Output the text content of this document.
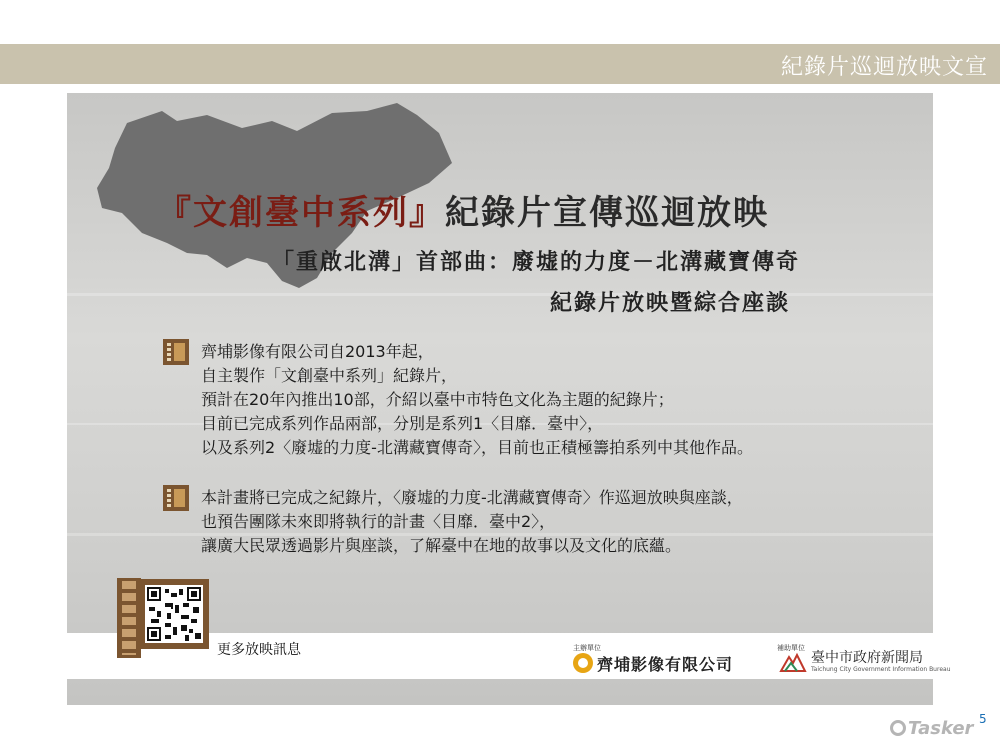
紀錄片巡迴放映文宣
『文創臺中系列』紀錄片宣傳巡迴放映
「重啟北溝」首部曲：廢墟的力度－北溝藏寶傳奇
紀錄片放映暨綜合座談
齊埔影像有限公司自2013年起，
自主製作「文創臺中系列」紀錄片，
預計在20年內推出10部，介紹以臺中市特色文化為主題的紀錄片；
目前已完成系列作品兩部，分別是系列1〈目靡．臺中〉，
以及系列2〈廢墟的力度-北溝藏寶傳奇〉，目前也正積極籌拍系列中其他作品。
本計畫將已完成之紀錄片，〈廢墟的力度-北溝藏寶傳奇〉作巡迴放映與座談，
也預告團隊未來即將執行的計畫〈目靡．臺中2〉，
讓廣大民眾透過影片與座談，了解臺中在地的故事以及文化的底蘊。
更多放映訊息	主辦單位
齊埔影像有限公司
補助單位
臺中市政府新聞局
Taichung City Government Information Bureau
5
Tasker
